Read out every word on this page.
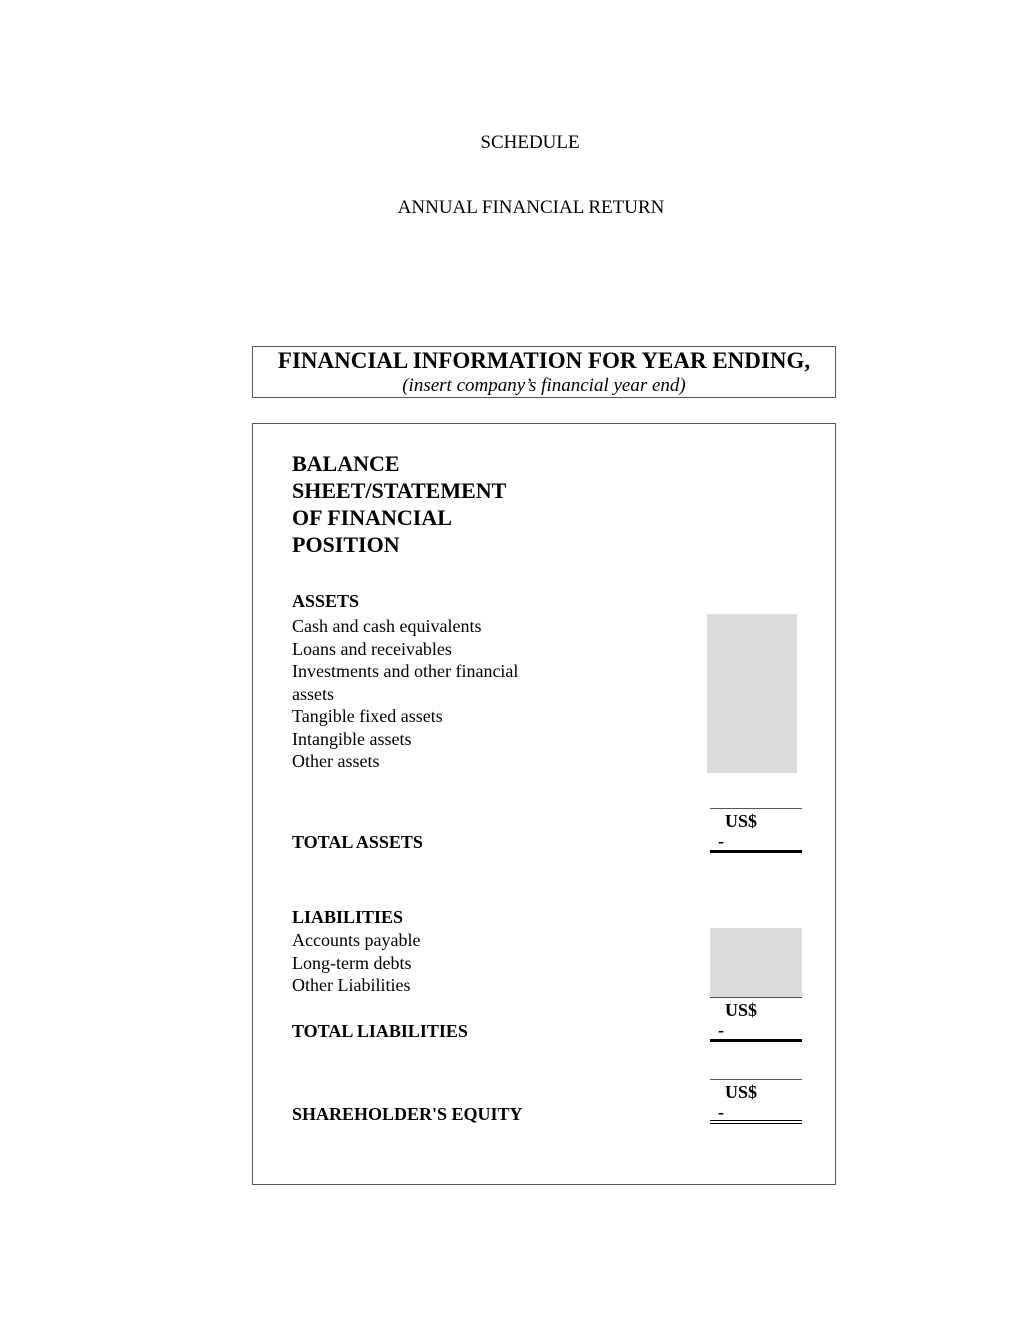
SCHEDULE
ANNUAL FINANCIAL RETURN
FINANCIAL INFORMATION FOR YEAR ENDING,
(insert company’s financial year end)
BALANCE
SHEET/STATEMENT
OF FINANCIAL
POSITION
ASSETS
Cash and cash equivalents
Loans and receivables
Investments and other financial
assets
Tangible fixed assets
Intangible assets
Other assets
TOTAL ASSETS
US$
-
LIABILITIES
Accounts payable
Long-term debts
Other Liabilities
TOTAL LIABILITIES
US$
-
SHAREHOLDER'S EQUITY
US$
-
